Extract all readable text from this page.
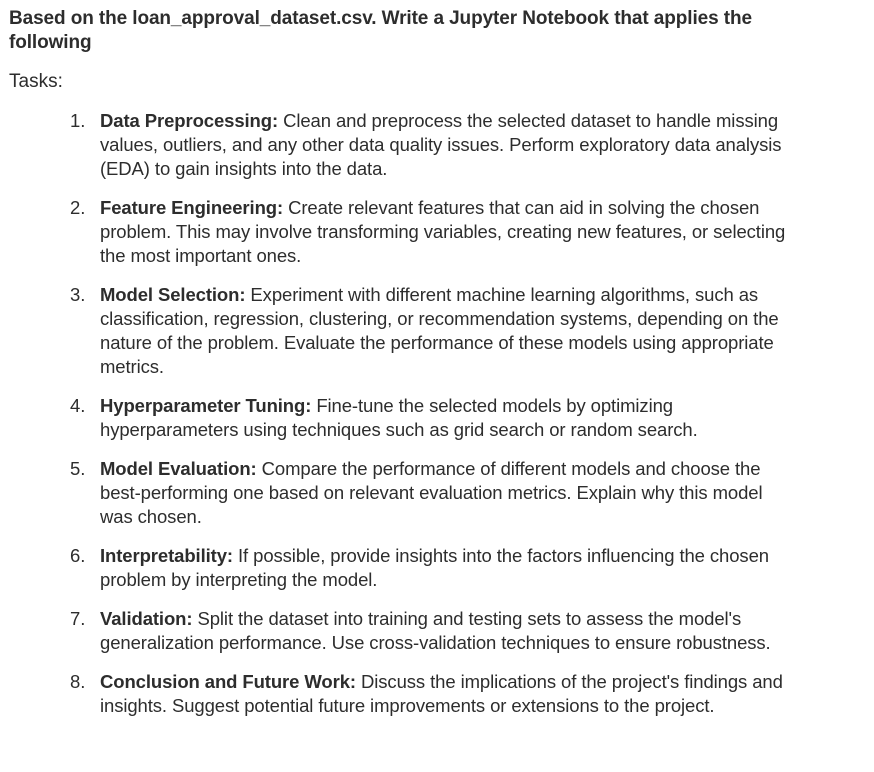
Based on the loan_approval_dataset.csv. Write a Jupyter Notebook that applies the following

Tasks:

1. Data Preprocessing: Clean and preprocess the selected dataset to handle missing values, outliers, and any other data quality issues. Perform exploratory data analysis (EDA) to gain insights into the data.
2. Feature Engineering: Create relevant features that can aid in solving the chosen problem. This may involve transforming variables, creating new features, or selecting the most important ones.
3. Model Selection: Experiment with different machine learning algorithms, such as classification, regression, clustering, or recommendation systems, depending on the nature of the problem. Evaluate the performance of these models using appropriate metrics.
4. Hyperparameter Tuning: Fine-tune the selected models by optimizing hyperparameters using techniques such as grid search or random search.
5. Model Evaluation: Compare the performance of different models and choose the best-performing one based on relevant evaluation metrics. Explain why this model was chosen.
6. Interpretability: If possible, provide insights into the factors influencing the chosen problem by interpreting the model.
7. Validation: Split the dataset into training and testing sets to assess the model's generalization performance. Use cross-validation techniques to ensure robustness.
8. Conclusion and Future Work: Discuss the implications of the project's findings and insights. Suggest potential future improvements or extensions to the project.
